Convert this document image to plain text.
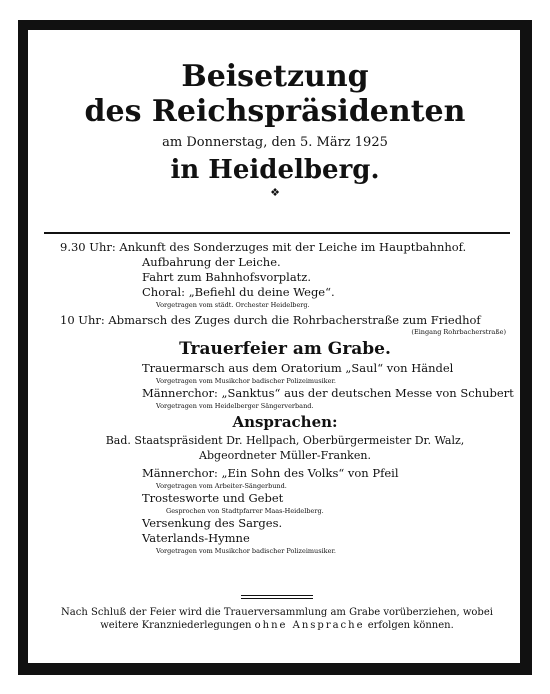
Beisetzung

des Reichspräsidenten

am Donnerstag, den 5. März 1925

in Heidelberg.

❖

9.30 Uhr: Ankunft des Sonderzuges mit der Leiche im Hauptbahnhof.
Aufbahrung der Leiche.
Fahrt zum Bahnhofsvorplatz.
Choral: „Befiehl du deine Wege“.
Vorgetragen vom städt. Orchester Heidelberg.
10 Uhr: Abmarsch des Zuges durch die Rohrbacherstraße zum Friedhof
(Eingang Rohrbacherstraße)
Trauerfeier am Grabe.
Trauermarsch aus dem Oratorium „Saul“ von Händel
Vorgetragen vom Musikchor badischer Polizeimusiker.
Männerchor: „Sanktus“ aus der deutschen Messe von Schubert
Vorgetragen vom Heidelberger Sängerverband.
Ansprachen:
Bad. Staatspräsident Dr. Hellpach, Oberbürgermeister Dr. Walz,
Abgeordneter Müller-Franken.
Männerchor: „Ein Sohn des Volks“ von Pfeil
Vorgetragen vom Arbeiter-Sängerbund.
Trostesworte und Gebet
Gesprochen von Stadtpfarrer Maas-Heidelberg.
Versenkung des Sarges.
Vaterlands-Hymne
Vorgetragen vom Musikchor badischer Polizeimusiker.
Nach Schluß der Feier wird die Trauerversammlung am Grabe vorüberziehen, wobei
weitere Kranzniederlegungen ohne Ansprache erfolgen können.
